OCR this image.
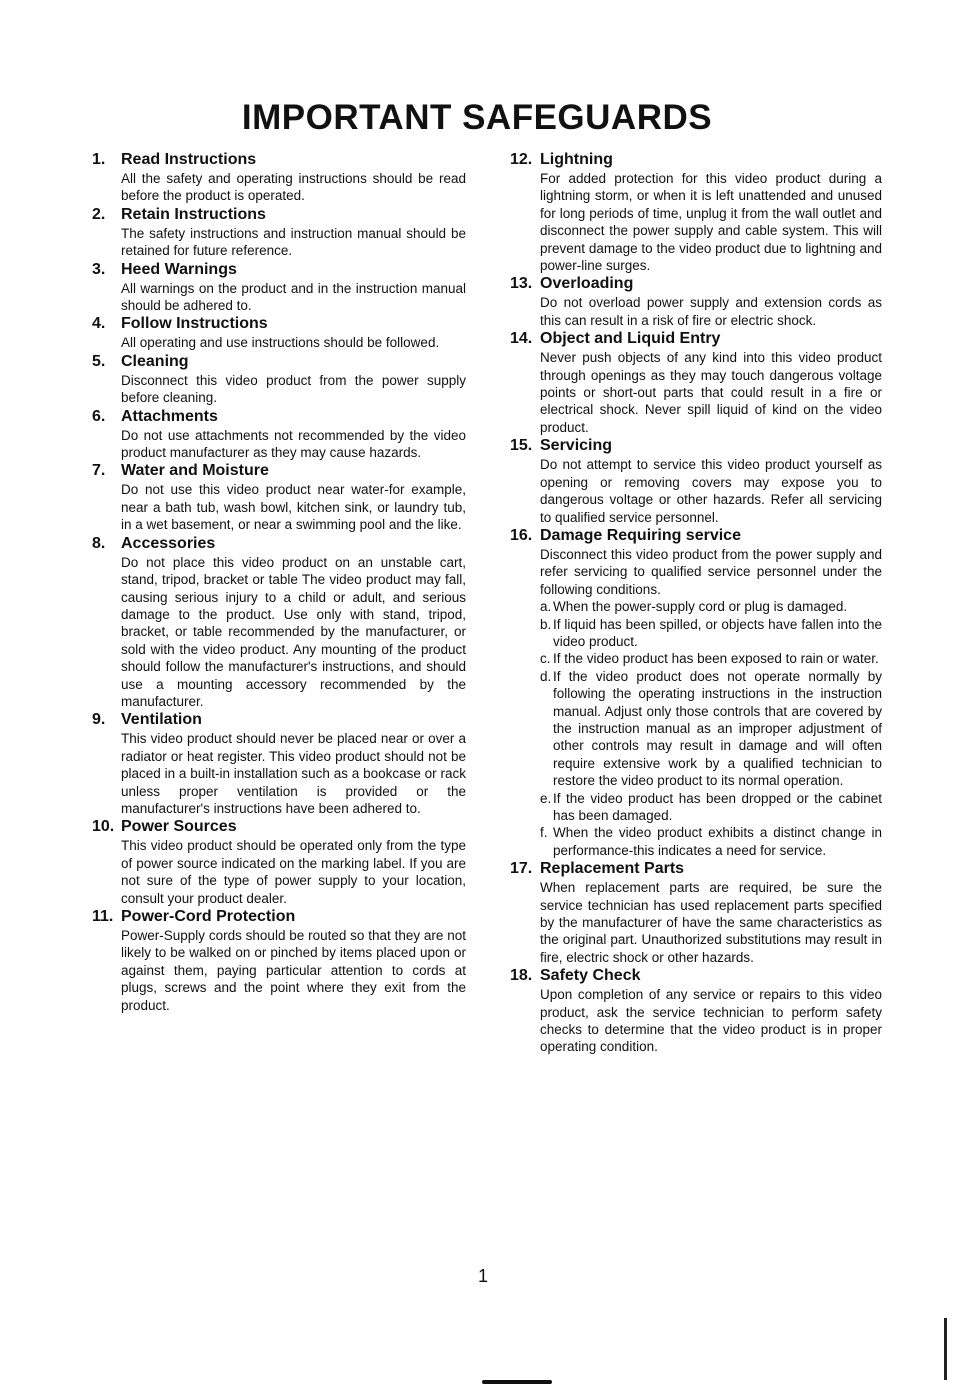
IMPORTANT SAFEGUARDS
1. Read Instructions
All the safety and operating instructions should be read before the product is operated.
2. Retain Instructions
The safety instructions and instruction manual should be retained for future reference.
3. Heed Warnings
All warnings on the product and in the instruction manual should be adhered to.
4. Follow Instructions
All operating and use instructions should be followed.
5. Cleaning
Disconnect this video product from the power supply before cleaning.
6. Attachments
Do not use attachments not recommended by the video product manufacturer as they may cause hazards.
7. Water and Moisture
Do not use this video product near water-for example, near a bath tub, wash bowl, kitchen sink, or laundry tub, in a wet basement, or near a swimming pool and the like.
8. Accessories
Do not place this video product on an unstable cart, stand, tripod, bracket or table The video product may fall, causing serious injury to a child or adult, and serious damage to the product. Use only with stand, tripod, bracket, or table recommended by the manufacturer, or sold with the video product. Any mounting of the product should follow the manufacturer's instructions, and should use a mounting accessory recommended by the manufacturer.
9. Ventilation
This video product should never be placed near or over a radiator or heat register. This video product should not be placed in a built-in installation such as a bookcase or rack unless proper ventilation is provided or the manufacturer's instructions have been adhered to.
10. Power Sources
This video product should be operated only from the type of power source indicated on the marking label. If you are not sure of the type of power supply to your location, consult your product dealer.
11. Power-Cord Protection
Power-Supply cords should be routed so that they are not likely to be walked on or pinched by items placed upon or against them, paying particular attention to cords at plugs, screws and the point where they exit from the product.
12. Lightning
For added protection for this video product during a lightning storm, or when it is left unattended and unused for long periods of time, unplug it from the wall outlet and disconnect the power supply and cable system. This will prevent damage to the video product due to lightning and power-line surges.
13. Overloading
Do not overload power supply and extension cords as this can result in a risk of fire or electric shock.
14. Object and Liquid Entry
Never push objects of any kind into this video product through openings as they may touch dangerous voltage points or short-out parts that could result in a fire or electrical shock. Never spill liquid of kind on the video product.
15. Servicing
Do not attempt to service this video product yourself as opening or removing covers may expose you to dangerous voltage or other hazards. Refer all servicing to qualified service personnel.
16. Damage Requiring service
Disconnect this video product from the power supply and refer servicing to qualified service personnel under the following conditions.
a. When the power-supply cord or plug is damaged.
b. If liquid has been spilled, or objects have fallen into the video product.
c. If the video product has been exposed to rain or water.
d. If the video product does not operate normally by following the operating instructions in the instruction manual. Adjust only those controls that are covered by the instruction manual as an improper adjustment of other controls may result in damage and will often require extensive work by a qualified technician to restore the video product to its normal operation.
e. If the video product has been dropped or the cabinet has been damaged.
f. When the video product exhibits a distinct change in performance-this indicates a need for service.
17. Replacement Parts
When replacement parts are required, be sure the service technician has used replacement parts specified by the manufacturer of have the same characteristics as the original part. Unauthorized substitutions may result in fire, electric shock or other hazards.
18. Safety Check
Upon completion of any service or repairs to this video product, ask the service technician to perform safety checks to determine that the video product is in proper operating condition.
1
